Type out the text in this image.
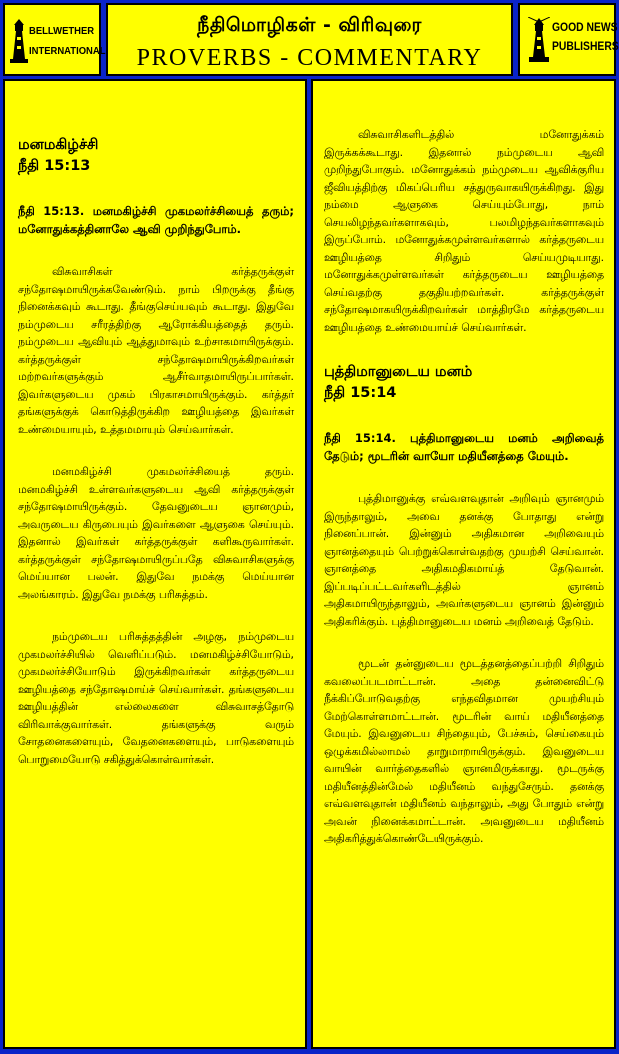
BELLWETHER
INTERNATIONAL
நீதிமொழிகள் - விரிவுரை
PROVERBS - COMMENTARY
GOOD NEWS
PUBLISHERS
மனமகிழ்ச்சி
நீதி 15:13

நீதி 15:13. மனமகிழ்ச்சி முகமலர்ச்சியைத் தரும்; மனோதுக்கத்தினாலே ஆவி முறிந்துபோம்.

விசுவாசிகள் கர்த்தருக்குள் சந்தோஷமாயிருக்கவேண்டும். நாம் பிறருக்கு தீங்கு நினைக்கவும் கூடாது. தீங்குசெய்யவும் கூடாது. இதுவே நம்முடைய சரீரத்திற்கு ஆரோக்கியத்தைத் தரும். நம்முடைய ஆவியும் ஆத்துமாவும் உற்சாகமாயிருக்கும். கர்த்தருக்குள் சந்தோஷமாயிருக்கிறவர்கள் மற்றவர்களுக்கும் ஆசீர்வாதமாயிருப்பார்கள். இவர்களுடைய முகம் பிரகாசமாயிருக்கும். கர்த்தர் தங்களுக்குக் கொடுத்திருக்கிற ஊழியத்தை இவர்கள் உண்மையாயும், உத்தமமாயும் செய்வார்கள்.

மனமகிழ்ச்சி முகமலர்ச்சியைத் தரும். மனமகிழ்ச்சி உள்ளவர்களுடைய ஆவி கர்த்தருக்குள் சந்தோஷமாயிருக்கும். தேவனுடைய ஞானமும், அவருடைய கிருபையும் இவர்களை ஆளுகை செய்யும். இதனால் இவர்கள் கர்த்தருக்குள் களிகூருவார்கள். கர்த்தருக்குள் சந்தோஷமாயிருப்பதே விசுவாசிகளுக்கு மெய்யான பலன். இதுவே நமக்கு மெய்யான அலங்காரம். இதுவே நமக்கு பரிசுத்தம்.

நம்முடைய பரிசுத்தத்தின் அழகு, நம்முடைய முகமலர்ச்சியில் வெளிப்படும். மனமகிழ்ச்சியோடும், முகமலர்ச்சியோடும் இருக்கிறவர்கள் கர்த்தருடைய ஊழியத்தை சந்தோஷமாய்ச் செய்வார்கள். தங்களுடைய ஊழியத்தின் எல்லைகளை விசுவாசத்தோடு விரிவாக்குவார்கள். தங்களுக்கு வரும் சோதனைகளையும், வேதனைகளையும், பாடுகளையும் பொறுமையோடு சகித்துக்கொள்வார்கள்.

விசுவாசிகளிடத்தில் மனோதுக்கம் இருக்கக்கூடாது. இதனால் நம்முடைய ஆவி முறிந்துபோகும். மனோதுக்கம் நம்முடைய ஆவிக்குரிய ஜீவியத்திற்கு மிகப்பெரிய சத்துருவாகயிருக்கிறது. இது நம்மை ஆளுகை செய்யும்போது, நாம் செயலிழந்தவர்களாகவும், பலமிழந்தவர்களாகவும் இருப்போம். மனோதுக்கமுள்ளவர்களால் கர்த்தருடைய ஊழியத்தை சிறிதும் செய்யமுடியாது. மனோதுக்கமுள்ளவர்கள் கர்த்தருடைய ஊழியத்தை செய்வதற்கு தகுதியற்றவர்கள். கர்த்தருக்குள் சந்தோஷமாகயிருக்கிறவர்கள் மாத்திரமே கர்த்தருடைய ஊழியத்தை உண்மையாய்ச் செய்வார்கள்.

புத்திமானுடைய மனம்
நீதி 15:14

நீதி 15:14. புத்திமானுடைய மனம் அறிவைத் தேடும்; மூடரின் வாயோ மதியீனத்தை மேயும்.

புத்திமானுக்கு எவ்வளவுதான் அறிவும் ஞானமும் இருந்தாலும், அவை தனக்கு போதாது என்று நினைப்பான். இன்னும் அதிகமான அறிவையும் ஞானத்தையும் பெற்றுக்கொள்வதற்கு முயற்சி செய்வான். ஞானத்தை அதிகமதிகமாய்த் தேடுவான். இப்படிப்பட்டவர்களிடத்தில் ஞானம் அதிகமாயிருந்தாலும், அவர்களுடைய ஞானம் இன்னும் அதிகரிக்கும். புத்திமானுடைய மனம் அறிவைத் தேடும்.

மூடன் தன்னுடைய மூடத்தனத்தைப்பற்றி சிறிதும் கவலைப்படமாட்டான். அதை தன்னைவிட்டு நீக்கிப்போடுவதற்கு எந்தவிதமான முயற்சியும் மேற்கொள்ளமாட்டான். மூடரின் வாய் மதியீனத்தை மேயும். இவனுடைய சிந்தையும், பேச்சும், செய்கையும் ஒழுக்கமில்லாமல் தாறுமாறாயிருக்கும். இவனுடைய வாயின் வார்த்தைகளில் ஞானமிருக்காது. மூடருக்கு மதியீனத்தின்மேல் மதியீனம் வந்துசேரும். தனக்கு எவ்வளவுதான் மதியீனம் வந்தாலும், அது போதும் என்று அவன் நினைக்கமாட்டான். அவனுடைய மதியீனம் அதிகரித்துக்கொண்டேயிருக்கும்.
